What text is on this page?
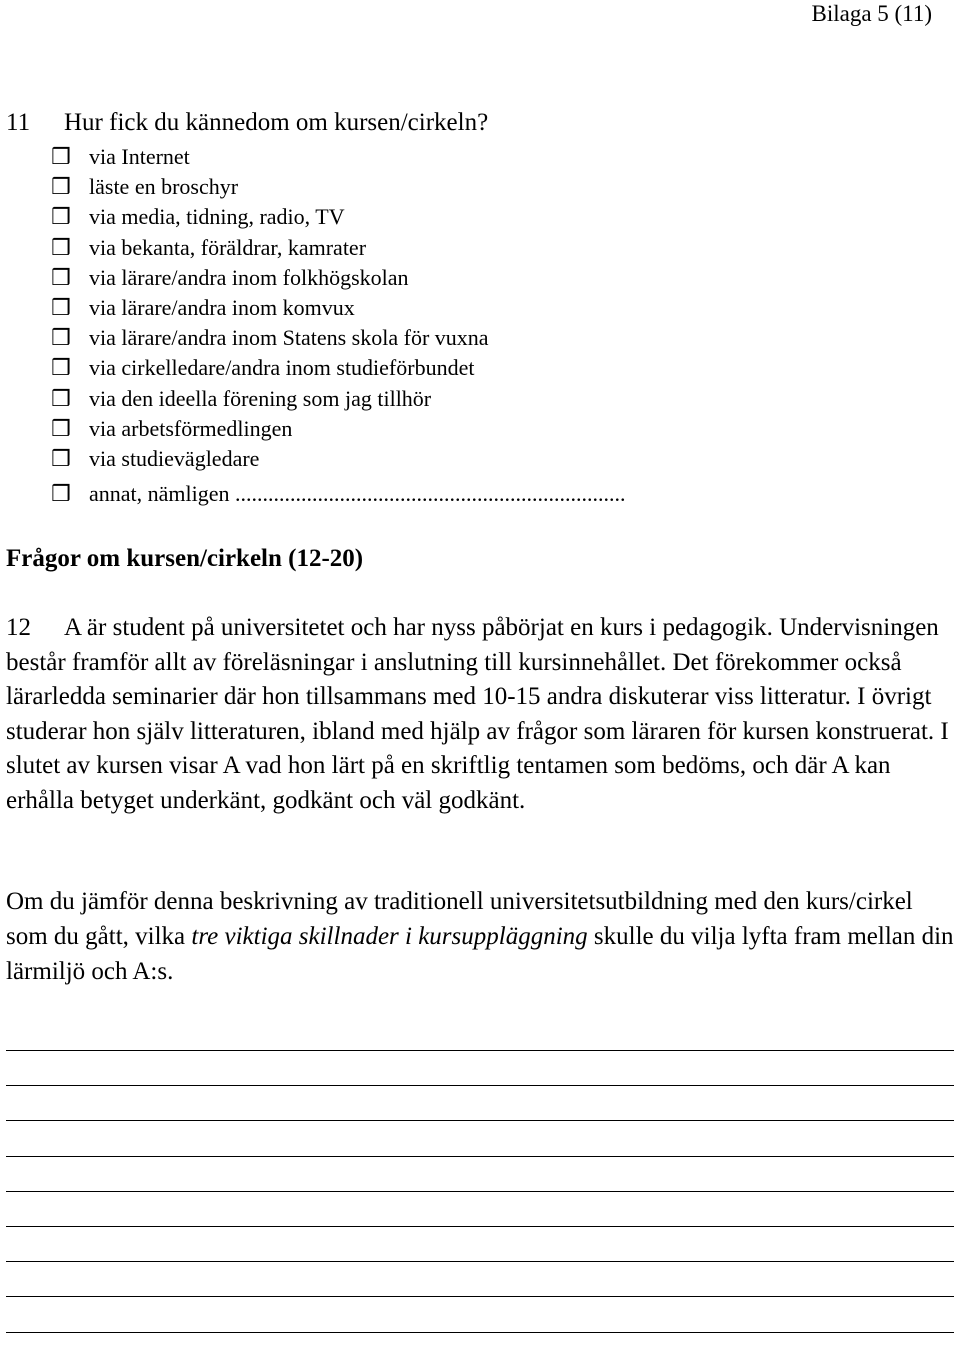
Bilaga 5 (11)
11 Hur fick du kännedom om kursen/cirkeln?
❒ via Internet
❒ läste en broschyr
❒ via media, tidning, radio, TV
❒ via bekanta, föräldrar, kamrater
❒ via lärare/andra inom folkhögskolan
❒ via lärare/andra inom komvux
❒ via lärare/andra inom Statens skola för vuxna
❒ via cirkelledare/andra inom studieförbundet
❒ via den ideella förening som jag tillhör
❒ via arbetsförmedlingen
❒ via studievägledare
❒ annat, nämligen .......................................................................
Frågor om kursen/cirkeln (12-20)

12 A är student på universitetet och har nyss påbörjat en kurs i pedagogik. Undervisningen består framför allt av föreläsningar i anslutning till kursinnehållet. Det förekommer också lärarledda seminarier där hon tillsammans med 10-15 andra diskuterar viss litteratur. I övrigt studerar hon själv litteraturen, ibland med hjälp av frågor som läraren för kursen konstruerat. I slutet av kursen visar A vad hon lärt på en skriftlig tentamen som bedöms, och där A kan erhålla betyget underkänt, godkänt och väl godkänt.

Om du jämför denna beskrivning av traditionell universitetsutbildning med den kurs/cirkel som du gått, vilka tre viktiga skillnader i kursuppläggning skulle du vilja lyfta fram mellan din lärmiljö och A:s.
